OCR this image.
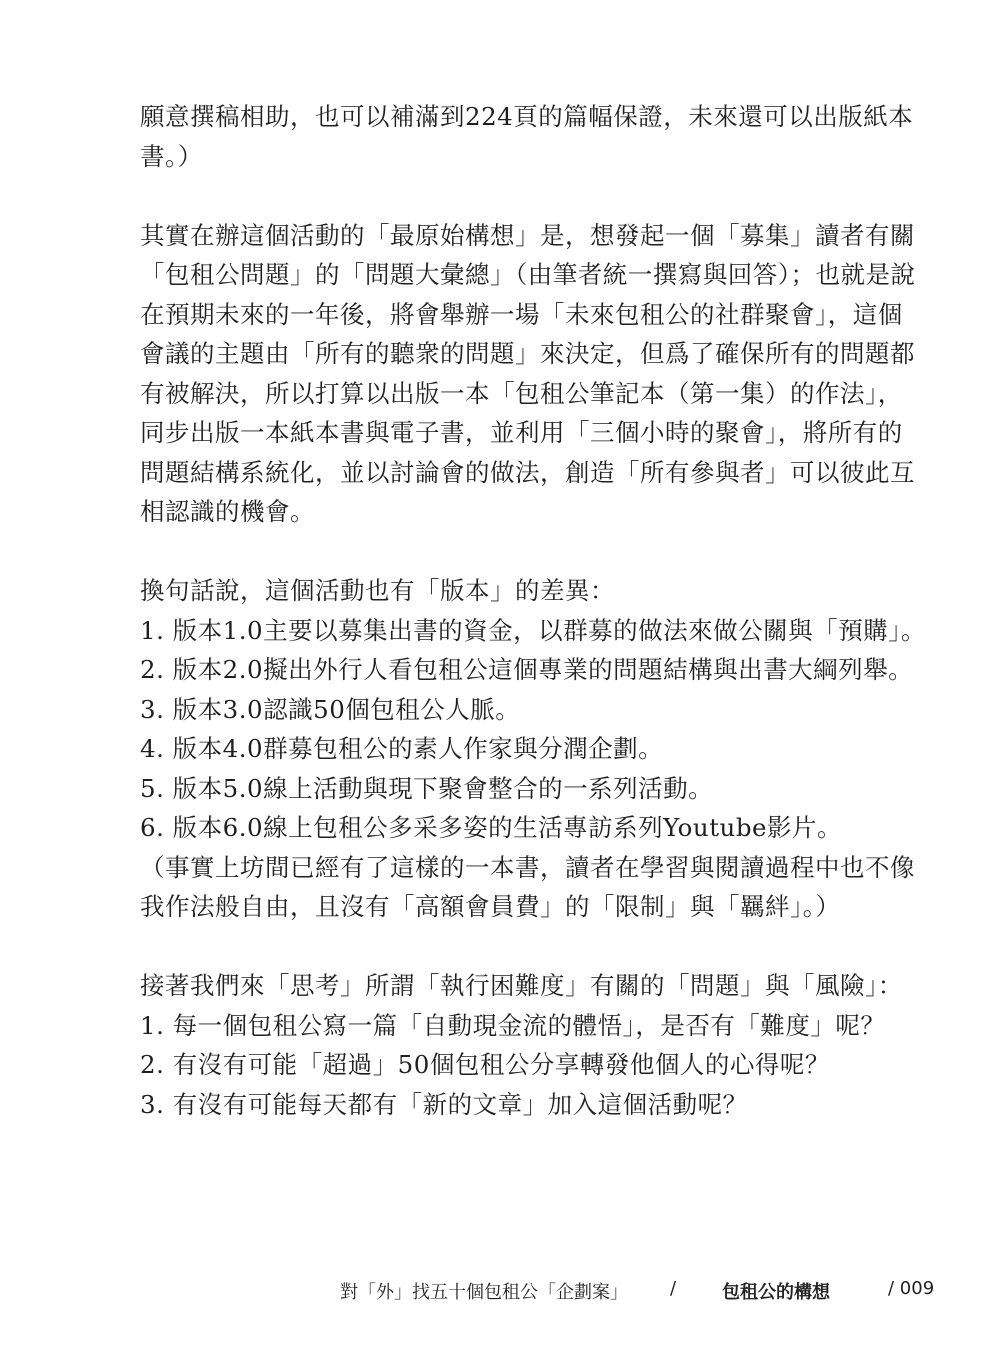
願意撰稿相助，也可以補滿到224頁的篇幅保證，未來還可以出版紙本書。）

其實在辦這個活動的「最原始構想」是，想發起一個「募集」讀者有關「包租公問題」的「問題大彙總」（由筆者統一撰寫與回答）；也就是說在預期未來的一年後，將會舉辦一場「未來包租公的社群聚會」，這個會議的主題由「所有的聽衆的問題」來決定，但爲了確保所有的問題都有被解決，所以打算以出版一本「包租公筆記本（第一集）的作法」，同步出版一本紙本書與電子書，並利用「三個小時的聚會」，將所有的問題結構系統化，並以討論會的做法，創造「所有參與者」可以彼此互相認識的機會。

換句話說，這個活動也有「版本」的差異：

1. 版本1.0主要以募集出書的資金，以群募的做法來做公關與「預購」。
2. 版本2.0擬出外行人看包租公這個專業的問題結構與出書大綱列舉。
3. 版本3.0認識50個包租公人脈。
4. 版本4.0群募包租公的素人作家與分潤企劃。
5. 版本5.0線上活動與現下聚會整合的一系列活動。
6. 版本6.0線上包租公多采多姿的生活專訪系列Youtube影片。

（事實上坊間已經有了這樣的一本書，讀者在學習與閱讀過程中也不像我作法般自由，且沒有「高額會員費」的「限制」與「羈絆」。）

接著我們來「思考」所謂「執行困難度」有關的「問題」與「風險」：

1. 每一個包租公寫一篇「自動現金流的體悟」，是否有「難度」呢？
2. 有沒有可能「超過」50個包租公分享轉發他個人的心得呢？
3. 有沒有可能每天都有「新的文章」加入這個活動呢？
對「外」找五十個包租公「企劃案」 /	包租公的構想	/ 009
